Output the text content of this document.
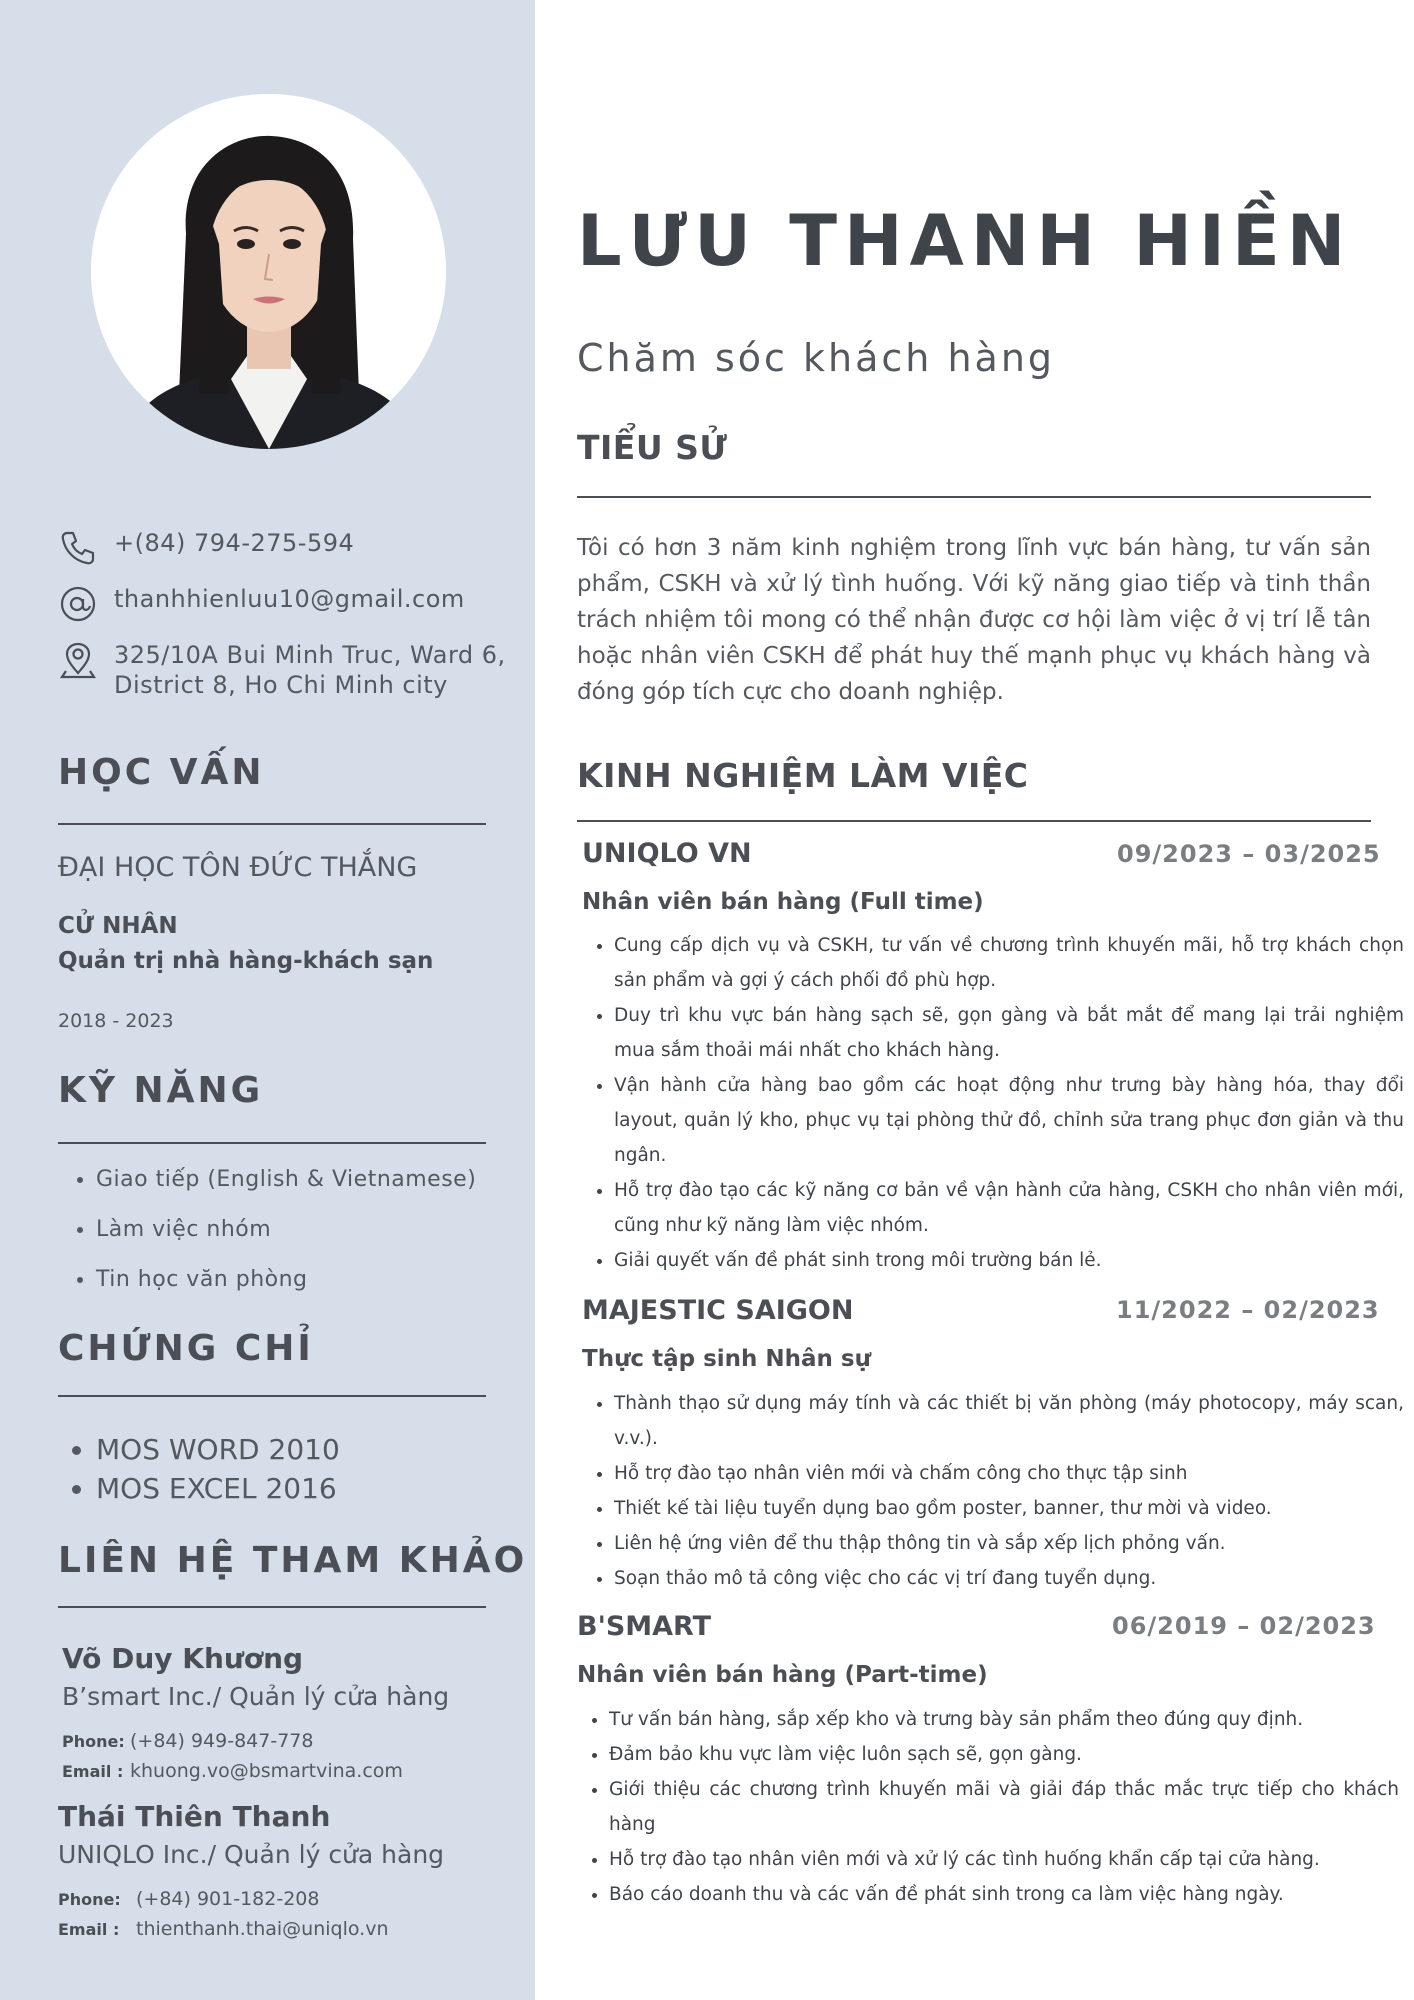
+(84) 794-275-594
thanhhienluu10@gmail.com
325/10A Bui Minh Truc, Ward 6,
District 8, Ho Chi Minh city
HỌC VẤN
ĐẠI HỌC TÔN ĐỨC THẮNG
CỬ NHÂN
Quản trị nhà hàng-khách sạn
2018 - 2023
KỸ NĂNG
• Giao tiếp (English & Vietnamese)
• Làm việc nhóm
• Tin học văn phòng
CHỨNG CHỈ
• MOS WORD 2010
• MOS EXCEL 2016
LIÊN HỆ THAM KHẢO
Võ Duy Khương
B’smart Inc./ Quản lý cửa hàng
Phone: (+84) 949-847-778
Email : khuong.vo@bsmartvina.com
Thái Thiên Thanh
UNIQLO Inc./ Quản lý cửa hàng
Phone: (+84) 901-182-208
Email : thienthanh.thai@uniqlo.vn
LƯU THANH HIỀN
Chăm sóc khách hàng
TIỂU SỬ
Tôi có hơn 3 năm kinh nghiệm trong lĩnh vực bán hàng, tư vấn sản phẩm, CSKH và xử lý tình huống. Với kỹ năng giao tiếp và tinh thần trách nhiệm tôi mong có thể nhận được cơ hội làm việc ở vị trí lễ tân hoặc nhân viên CSKH để phát huy thế mạnh phục vụ khách hàng và đóng góp tích cực cho doanh nghiệp.
KINH NGHIỆM LÀM VIỆC
UNIQLO VN	09/2023 – 03/2025
Nhân viên bán hàng (Full time)
• Cung cấp dịch vụ và CSKH, tư vấn về chương trình khuyến mãi, hỗ trợ khách chọn sản phẩm và gợi ý cách phối đồ phù hợp.
• Duy trì khu vực bán hàng sạch sẽ, gọn gàng và bắt mắt để mang lại trải nghiệm mua sắm thoải mái nhất cho khách hàng.
• Vận hành cửa hàng bao gồm các hoạt động như trưng bày hàng hóa, thay đổi layout, quản lý kho, phục vụ tại phòng thử đồ, chỉnh sửa trang phục đơn giản và thu ngân.
• Hỗ trợ đào tạo các kỹ năng cơ bản về vận hành cửa hàng, CSKH cho nhân viên mới, cũng như kỹ năng làm việc nhóm.
• Giải quyết vấn đề phát sinh trong môi trường bán lẻ.
MAJESTIC SAIGON	11/2022 – 02/2023
Thực tập sinh Nhân sự
• Thành thạo sử dụng máy tính và các thiết bị văn phòng (máy photocopy, máy scan, v.v.).
• Hỗ trợ đào tạo nhân viên mới và chấm công cho thực tập sinh
• Thiết kế tài liệu tuyển dụng bao gồm poster, banner, thư mời và video.
• Liên hệ ứng viên để thu thập thông tin và sắp xếp lịch phỏng vấn.
• Soạn thảo mô tả công việc cho các vị trí đang tuyển dụng.
B'SMART	06/2019 – 02/2023
Nhân viên bán hàng (Part-time)
• Tư vấn bán hàng, sắp xếp kho và trưng bày sản phẩm theo đúng quy định.
• Đảm bảo khu vực làm việc luôn sạch sẽ, gọn gàng.
• Giới thiệu các chương trình khuyến mãi và giải đáp thắc mắc trực tiếp cho khách hàng
• Hỗ trợ đào tạo nhân viên mới và xử lý các tình huống khẩn cấp tại cửa hàng.
• Báo cáo doanh thu và các vấn đề phát sinh trong ca làm việc hàng ngày.
